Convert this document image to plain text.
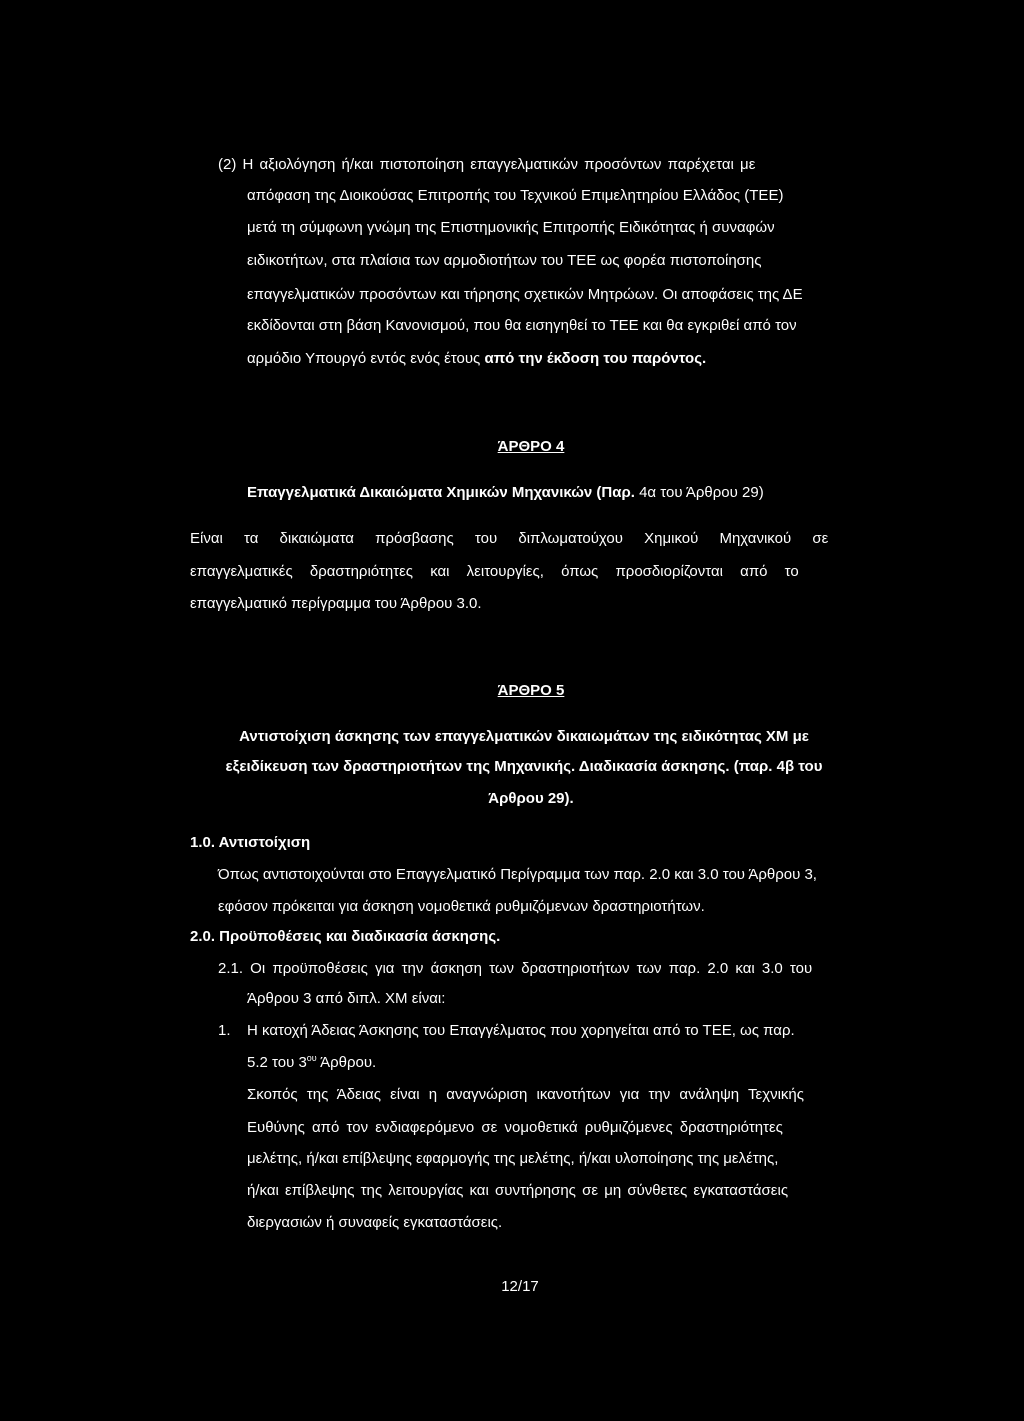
(2) Η αξιολόγηση ή/και πιστοποίηση επαγγελματικών προσόντων παρέχεται με
απόφαση της Διοικούσας Επιτροπής του Τεχνικού Επιμελητηρίου Ελλάδος (ΤΕΕ)
μετά τη σύμφωνη γνώμη της Επιστημονικής Επιτροπής Ειδικότητας ή συναφών
ειδικοτήτων, στα πλαίσια των αρμοδιοτήτων του ΤΕΕ ως φορέα πιστοποίησης
επαγγελματικών προσόντων και τήρησης σχετικών Μητρώων. Οι αποφάσεις της ΔΕ
εκδίδονται στη βάση Κανονισμού, που θα εισηγηθεί το ΤΕΕ και θα εγκριθεί από τον
αρμόδιο Υπουργό εντός ενός έτους από την έκδοση του παρόντος.
ΆΡΘΡΟ 4
Επαγγελματικά Δικαιώματα Χημικών Μηχανικών (Παρ. 4α του Άρθρου 29)
Είναι τα δικαιώματα πρόσβασης του διπλωματούχου Χημικού Μηχανικού σε
επαγγελματικές δραστηριότητες και λειτουργίες, όπως προσδιορίζονται από το
επαγγελματικό περίγραμμα του Άρθρου 3.0.
ΆΡΘΡΟ 5
Αντιστοίχιση άσκησης των επαγγελματικών δικαιωμάτων της ειδικότητας ΧΜ με
εξειδίκευση των δραστηριοτήτων της Μηχανικής. Διαδικασία άσκησης. (παρ. 4β του
Άρθρου 29).
1.0. Αντιστοίχιση
Όπως αντιστοιχούνται στο Επαγγελματικό Περίγραμμα των παρ. 2.0 και 3.0 του Άρθρου 3,
εφόσον πρόκειται για άσκηση νομοθετικά ρυθμιζόμενων δραστηριοτήτων.
2.0. Προϋποθέσεις και διαδικασία άσκησης.
2.1. Οι προϋποθέσεις για την άσκηση των δραστηριοτήτων των παρ. 2.0 και 3.0 του
Άρθρου 3 από διπλ. ΧΜ είναι:
1. Η κατοχή Άδειας Άσκησης του Επαγγέλματος που χορηγείται από το ΤΕΕ, ως παρ.
5.2 του $3^{o\upsilon}$ Άρθρου.
Σκοπός της Άδειας είναι η αναγνώριση ικανοτήτων για την ανάληψη Τεχνικής
Ευθύνης από τον ενδιαφερόμενο σε νομοθετικά ρυθμιζόμενες δραστηριότητες
μελέτης, ή/και επίβλεψης εφαρμογής της μελέτης, ή/και υλοποίησης της μελέτης,
ή/και επίβλεψης της λειτουργίας και συντήρησης σε μη σύνθετες εγκαταστάσεις
διεργασιών ή συναφείς εγκαταστάσεις.
12/17
